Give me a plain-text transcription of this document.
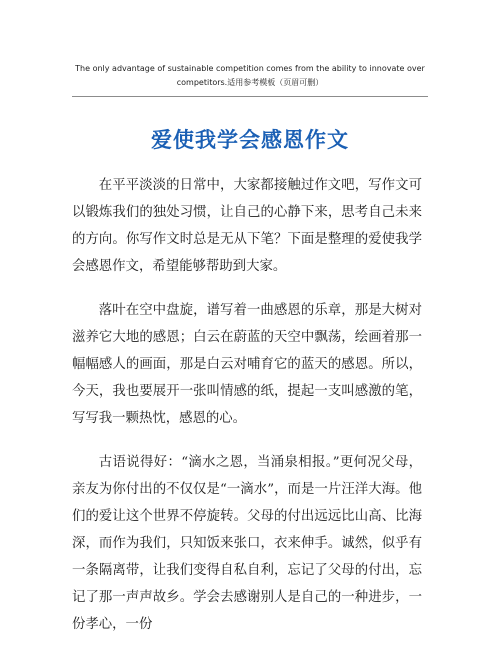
The only advantage of sustainable competition comes from the ability to innovate over competitors.适用参考模板（页眉可删）
爱使我学会感恩作文

在平平淡淡的日常中，大家都接触过作文吧，写作文可以锻炼我们的独处习惯，让自己的心静下来，思考自己未来的方向。你写作文时总是无从下笔？下面是整理的爱使我学会感恩作文，希望能够帮助到大家。

落叶在空中盘旋，谱写着一曲感恩的乐章，那是大树对滋养它大地的感恩；白云在蔚蓝的天空中飘荡，绘画着那一幅幅感人的画面，那是白云对哺育它的蓝天的感恩。所以，今天，我也要展开一张叫情感的纸，提起一支叫感激的笔，写写我一颗热忱，感恩的心。

古语说得好：“滴水之恩，当涌泉相报。”更何况父母，亲友为你付出的不仅仅是“一滴水”，而是一片汪洋大海。他们的爱让这个世界不停旋转。父母的付出远远比山高、比海深，而作为我们，只知饭来张口，衣来伸手。诚然，似乎有一条隔离带，让我们变得自私自利，忘记了父母的付出，忘记了那一声声故乡。学会去感谢别人是自己的一种进步，一份孝心，一份
